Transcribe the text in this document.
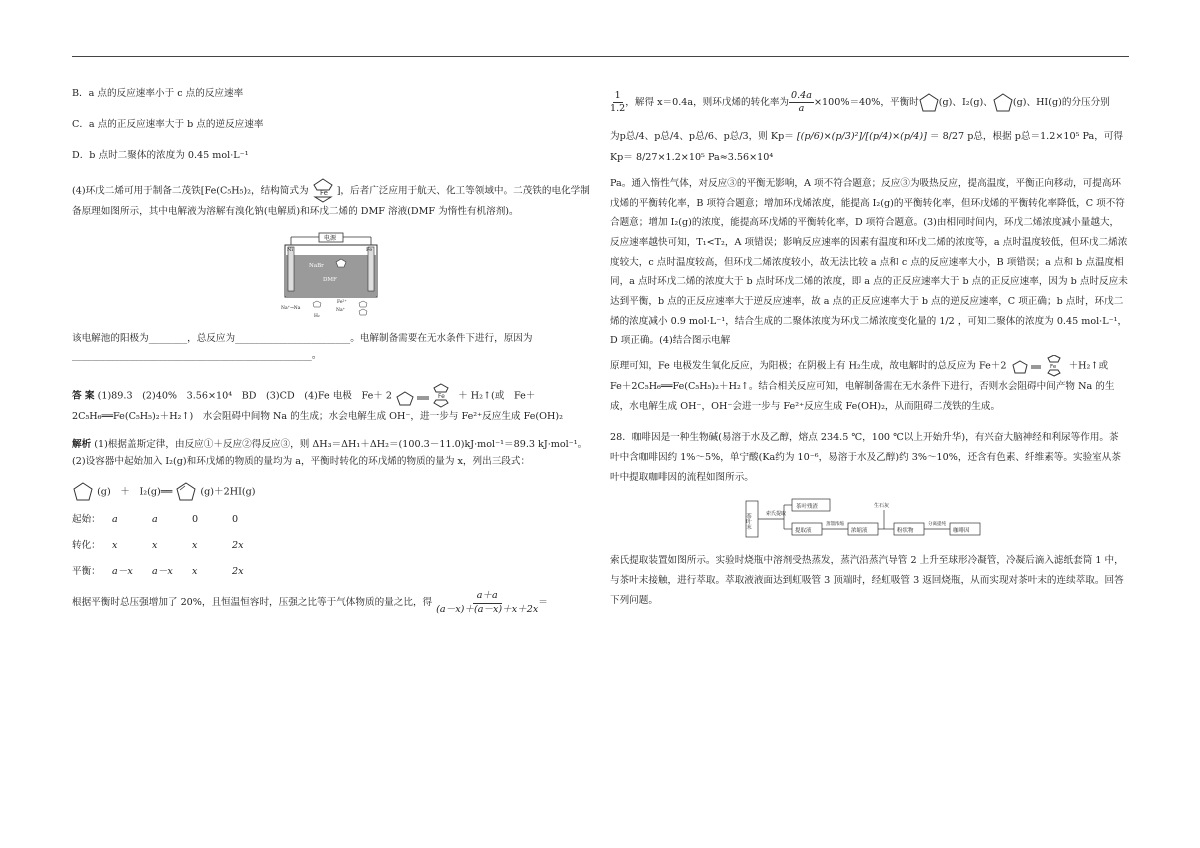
B．a 点的反应速率小于 c 点的反应速率

C．a 点的正反应速率大于 b 点的逆反应速率

D．b 点时二聚体的浓度为 0.45 mol·L⁻¹

(4)环戊二烯可用于制备二茂铁[Fe(C₅H₅)₂，结构简式为 Fe ]，后者广泛应用于航天、化工等领域中。二茂铁的电化学制备原理如图所示，其中电解液为溶解有溴化钠(电解质)和环戊二烯的 DMF 溶液(DMF 为惰性有机溶剂)。

电源
Ni	Fe
NaBr
DMF
Na⁺→Na
H₂
Fe²⁺
Na⁺

该电解池的阳极为________，总反应为________________________。电解制备需要在无水条件下进行，原因为__________________________________________________。

答 案 (1)89.3　(2)40%　3.56×10⁴　BD　(3)CD　(4)Fe 电极　Fe＋ 2	Fe ＋ H₂↑(或　Fe＋
2C₅H₆══Fe(C₅H₅)₂＋H₂↑)　水会阻碍中间物 Na 的生成；水会电解生成 OH⁻，进一步与 Fe²⁺反应生成 Fe(OH)₂

解析 (1)根据盖斯定律，由反应①＋反应②得反应③，则 ΔH₃＝ΔH₁＋ΔH₂＝(100.3－11.0)kJ·mol⁻¹＝89.3 kJ·mol⁻¹。(2)设容器中起始加入 I₂(g)和环戊烯的物质的量均为 a，平衡时转化的环戊烯的物质的量为 x，列出三段式：

(g)　＋　I₂(g)══	(g)＋2HI(g)

起始：	a	a	0	0
转化：	x	x	x	2x
平衡：	a－x	a－x	x	2x

根据平衡时总压强增加了 20%，且恒温恒容时，压强之比等于气体物质的量之比，得 $\frac{a+a}{(a-x)+(a-x)+x+2x}$ ＝

$\frac{1}{1.2}$ ，解得 x＝0.4a，则环戊烯的转化率为 $\frac{0.4a}{a} \times 100\%=40\%$，平衡时 (g)、I₂(g)、 (g)、HI(g)的分压分别

为p总/4、p总/4、p总/6、p总/3，则 Kp＝ [(p/6)×(p/3)²]/[(p/4)×(p/4)] ＝ 8/27 p总，根据 p总＝1.2×10⁵ Pa，可得 Kp＝ 8/27×1.2×10⁵ Pa≈3.56×10⁴

Pa。通入惰性气体，对反应③的平衡无影响，A 项不符合题意；反应③为吸热反应，提高温度，平衡正向移动，可提高环戊烯的平衡转化率，B 项符合题意；增加环戊烯浓度，能提高 I₂(g)的平衡转化率，但环戊烯的平衡转化率降低，C 项不符合题意；增加 I₂(g)的浓度，能提高环戊烯的平衡转化率，D 项符合题意。(3)由相同时间内，环戊二烯浓度减小量越大，反应速率越快可知，T₁<T₂，A 项错误；影响反应速率的因素有温度和环戊二烯的浓度等，a 点时温度较低，但环戊二烯浓度较大，c 点时温度较高，但环戊二烯浓度较小，故无法比较 a 点和 c 点的反应速率大小，B 项错误；a 点和 b 点温度相同，a 点时环戊二烯的浓度大于 b 点时环戊二烯的浓度，即 a 点的正反应速率大于 b 点的正反应速率，因为 b 点时反应未达到平衡，b 点的正反应速率大于逆反应速率，故 a 点的正反应速率大于 b 点的逆反应速率，C 项正确；b 点时，环戊二烯的浓度减小 0.9 mol·L⁻¹，结合生成的二聚体浓度为环戊二烯浓度变化量的 1/2 ，可知二聚体的浓度为 0.45 mol·L⁻¹，D 项正确。(4)结合图示电解

原理可知，Fe 电极发生氧化反应，为阳极；在阴极上有 H₂生成，故电解时的总反应为 Fe＋2	Fe ＋H₂↑或
Fe＋2C₅H₆══Fe(C₅H₅)₂＋H₂↑。结合相关反应可知，电解制备需在无水条件下进行，否则水会阻碍中间产物 Na 的生成，水电解生成 OH⁻，OH⁻会进一步与 Fe²⁺反应生成 Fe(OH)₂，从而阻碍二茂铁的生成。

28．咖啡因是一种生物碱(易溶于水及乙醇，熔点 234.5 ℃，100 ℃以上开始升华)，有兴奋大脑神经和利尿等作用。茶叶中含咖啡因约 1%～5%，单宁酸(Ka约为 10⁻⁶，易溶于水及乙醇)约 3%～10%，还含有色素、纤维素等。实验室从茶叶中提取咖啡因的流程如图所示。

茶叶末	索氏提取
茶叶残渣
提取液
蒸馏浓缩
浓缩液
生石灰
粉状物
分离提纯
咖啡因

索氏提取装置如图所示。实验时烧瓶中溶剂受热蒸发，蒸汽沿蒸汽导管 2 上升至球形冷凝管，冷凝后滴入滤纸套筒 1 中，与茶叶末接触，进行萃取。萃取液液面达到虹吸管 3 顶端时，经虹吸管 3 返回烧瓶，从而实现对茶叶末的连续萃取。回答下列问题。
